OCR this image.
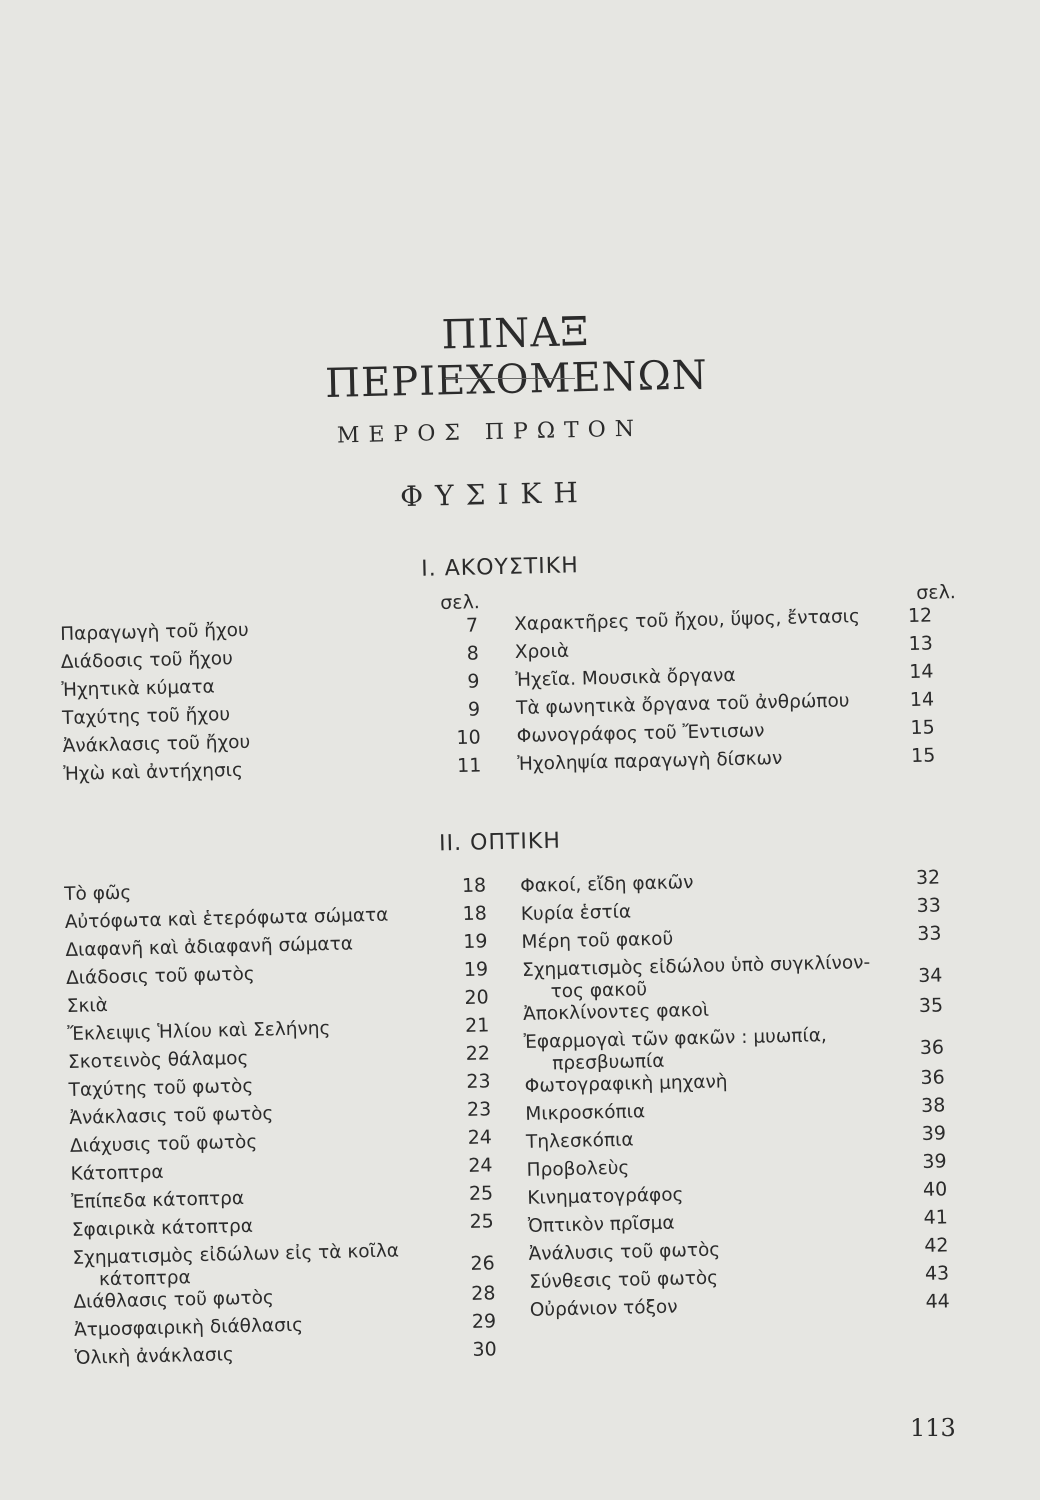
ΠΙΝΑΞ ΠΕΡΙΕΧΟΜΕΝΩΝ
ΜΕΡΟΣ ΠΡΩΤΟΝ
ΦΥΣΙΚΗ
Ι. ΑΚΟΥΣΤΙΚΗ
σελ.	σελ.
Παραγωγὴ τοῦ ἤχου	7
Διάδοσις τοῦ ἤχου	8
Ἠχητικὰ κύματα	9
Ταχύτης τοῦ ἤχου	9
Ἀνάκλασις τοῦ ἤχου	10
Ἠχὼ καὶ ἀντήχησις	11
Χαρακτῆρες τοῦ ἤχου, ὕψος, ἔντασις	12
Χροιὰ	13
Ἠχεῖα. Μουσικὰ ὄργανα	14
Τὰ φωνητικὰ ὄργανα τοῦ ἀνθρώπου	14
Φωνογράφος τοῦ Ἔντισων	15
Ἠχοληψία παραγωγὴ δίσκων	15
ΙΙ. ΟΠΤΙΚΗ
Τὸ φῶς	18
Αὐτόφωτα καὶ ἑτερόφωτα σώματα	18
Διαφανῆ καὶ ἀδιαφανῆ σώματα	19
Διάδοσις τοῦ φωτὸς	19
Σκιὰ	20
Ἔκλειψις Ἡλίου καὶ Σελήνης	21
Σκοτεινὸς θάλαμος	22
Ταχύτης τοῦ φωτὸς	23
Ἀνάκλασις τοῦ φωτὸς	23
Διάχυσις τοῦ φωτὸς	24
Κάτοπτρα	24
Ἐπίπεδα κάτοπτρα	25
Σφαιρικὰ κάτοπτρα	25
Σχηματισμὸς εἰδώλων εἰς τὰ κοῖλα
κάτοπτρα
26
Διάθλασις τοῦ φωτὸς	28
Ἀτμοσφαιρικὴ διάθλασις	29
Ὁλικὴ ἀνάκλασις	30
Φακοί, εἴδη φακῶν	32
Κυρία ἑστία	33
Μέρη τοῦ φακοῦ	33
Σχηματισμὸς εἰδώλου ὑπὸ συγκλίνον-
τος φακοῦ
34
Ἀποκλίνοντες φακοὶ	35
Ἐφαρμογαὶ τῶν φακῶν : μυωπία,
πρεσβυωπία
36
Φωτογραφικὴ μηχανὴ	36
Μικροσκόπια	38
Τηλεσκόπια	39
Προβολεὺς	39
Κινηματογράφος	40
Ὀπτικὸν πρῖσμα	41
Ἀνάλυσις τοῦ φωτὸς	42
Σύνθεσις τοῦ φωτὸς	43
Οὐράνιον τόξον	44
113
